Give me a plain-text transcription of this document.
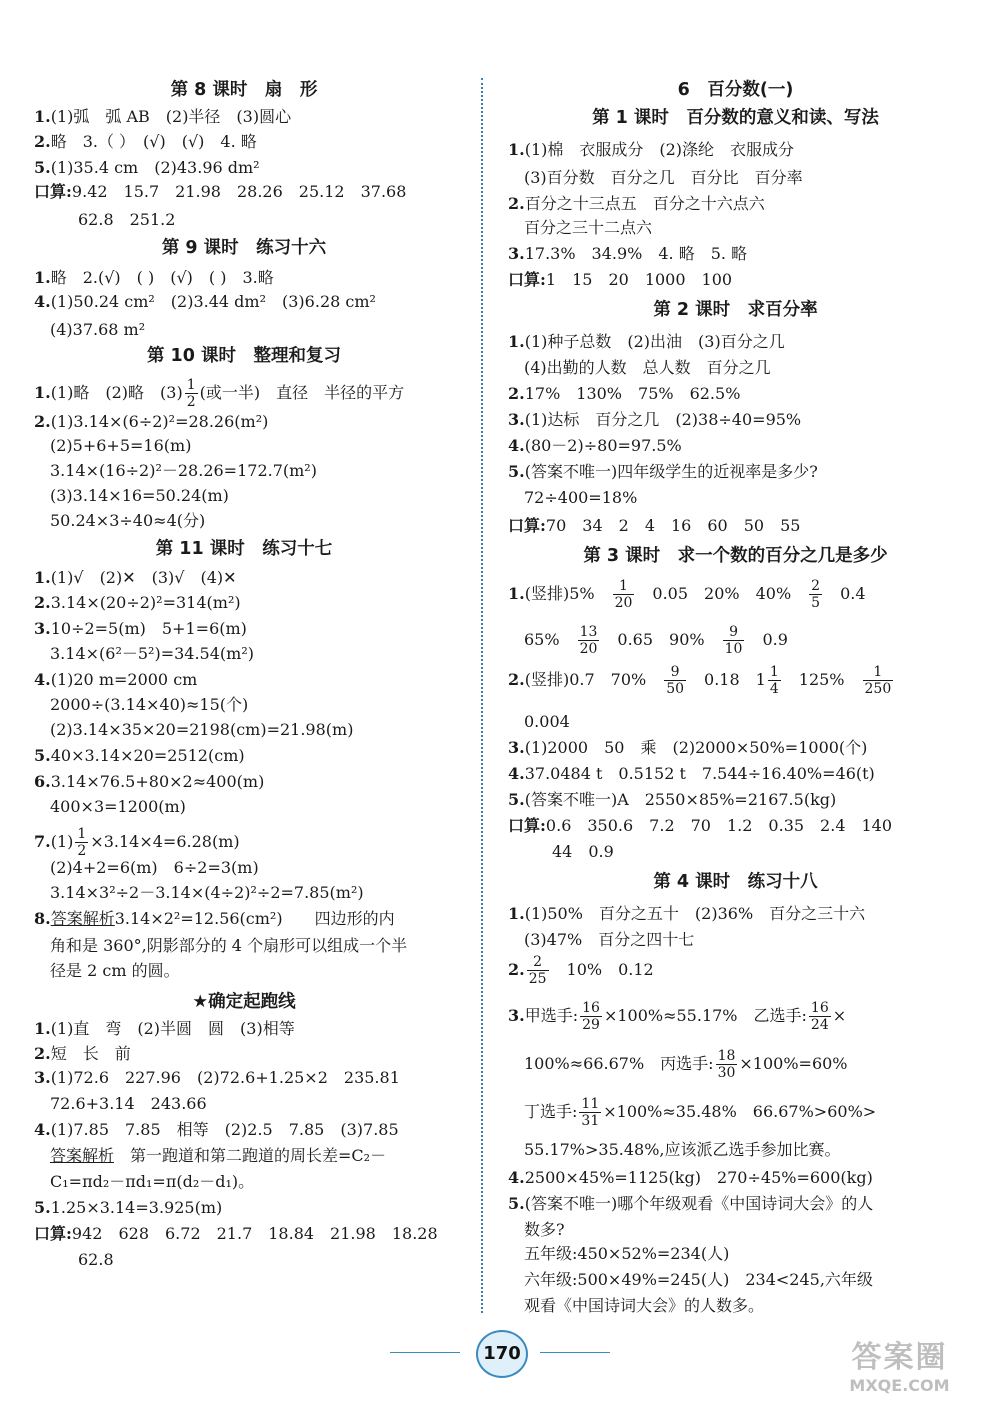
第 8 课时　扇　形
1.(1)弧　弧 AB　(2)半径　(3)圆心
2.略　3.（ ）　(√)　(√)　4. 略
5.(1)35.4 cm　(2)43.96 dm²
口算:9.42　15.7　21.98　28.26　25.12　37.68
62.8　251.2
第 9 课时　练习十六
1.略　2.(√)　( )　(√)　( )　3.略
4.(1)50.24 cm²　(2)3.44 dm²　(3)6.28 cm²
(4)37.68 m²
第 10 课时　整理和复习
1.(1)略　(2)略　$(3) \frac{1}{2}$ (或一半)　直径　半径的平方
2.(1)3.14×(6÷2)²=28.26(m²)
(2)5+6+5=16(m)
3.14×(16÷2)²－28.26=172.7(m²)
(3)3.14×16=50.24(m)
50.24×3÷40≈4(分)
第 11 课时　练习十七
1.(1)√　(2)✕　(3)√　(4)✕
2.3.14×(20÷2)²=314(m²)
3.10÷2=5(m)　5+1=6(m)
3.14×(6²－5²)=34.54(m²)
4.(1)20 m=2000 cm
2000÷(3.14×40)≈15(个)
(2)3.14×35×20=2198(cm)=21.98(m)
5.40×3.14×20=2512(cm)
6.3.14×76.5+80×2≈400(m)
400×3=1200(m)
$7.(1) \frac{1}{2} \times 3.14\times 4=6.28(m)$
(2)4+2=6(m)　6÷2=3(m)
3.14×3²÷2－3.14×(4÷2)²÷2=7.85(m²)
8.答案解析3.14×2²=12.56(cm²)　　四边形的内
角和是 360°,阴影部分的 4 个扇形可以组成一个半
径是 2 cm 的圆。
★确定起跑线
1.(1)直　弯　(2)半圆　圆　(3)相等
2.短　长　前
3.(1)72.6　227.96　(2)72.6+1.25×2　235.81
72.6+3.14　243.66
4.(1)7.85　7.85　相等　(2)2.5　7.85　(3)7.85
答案解析　第一跑道和第二跑道的周长差=C₂－
C₁=πd₂－πd₁=π(d₂－d₁)。
5.1.25×3.14=3.925(m)
口算:942　628　6.72　21.7　18.84　21.98　18.28
62.8
6　百分数(一)
第 1 课时　百分数的意义和读、写法
1.(1)棉　衣服成分　(2)涤纶　衣服成分
(3)百分数　百分之几　百分比　百分率
2.百分之十三点五　百分之十六点六
百分之三十二点六
3.17.3%　34.9%　4. 略　5. 略
口算:1　15　20　1000　100
第 2 课时　求百分率
1.(1)种子总数　(2)出油　(3)百分之几
(4)出勤的人数　总人数　百分之几
2.17%　130%　75%　62.5%
3.(1)达标　百分之几　(2)38÷40=95%
4.(80－2)÷80=97.5%
5.(答案不唯一)四年级学生的近视率是多少?
72÷400=18%
口算:70　34　2　4　16　60　50　55
第 3 课时　求一个数的百分之几是多少
1.(竖排)5%　 $\frac{1}{20}$ 　0.05　20%　40%　 $\frac{2}{5}$ 　0.4
65%　 $\frac{13}{20}$ 　0.65　90%　 $\frac{9}{10}$ 　0.9
2.(竖排)0.7　70%　 $\frac{9}{50}$ 　0.18　$1 \frac{1}{4}$ 　125%　 $\frac{1}{250}$
0.004
3.(1)2000　50　乘　(2)2000×50%=1000(个)
4.37.0484 t　0.5152 t　7.544÷16.40%=46(t)
5.(答案不唯一)A　2550×85%=2167.5(kg)
口算:0.6　350.6　7.2　70　1.2　0.35　2.4　140
44　0.9
第 4 课时　练习十八
1.(1)50%　百分之五十　(2)36%　百分之三十六
(3)47%　百分之四十七
2. $\frac{2}{25}$ 　10%　0.12
3.甲选手: $\frac{16}{29} \times 100\%\approx 55.17\%$　乙选手: $\frac{16}{24}$ ×
100%≈66.67%　丙选手: $\frac{18}{30} \times 100\%=60\%$
丁选手: $\frac{11}{31} \times 100\%\approx 35.48\%$　66.67%>60%>
55.17%>35.48%,应该派乙选手参加比赛。
4.2500×45%=1125(kg)　270÷45%=600(kg)
5.(答案不唯一)哪个年级观看《中国诗词大会》的人
数多?
五年级:450×52%=234(人)
六年级:500×49%=245(人)　234<245,六年级
观看《中国诗词大会》的人数多。
170	答案圈
MXQE.COM
